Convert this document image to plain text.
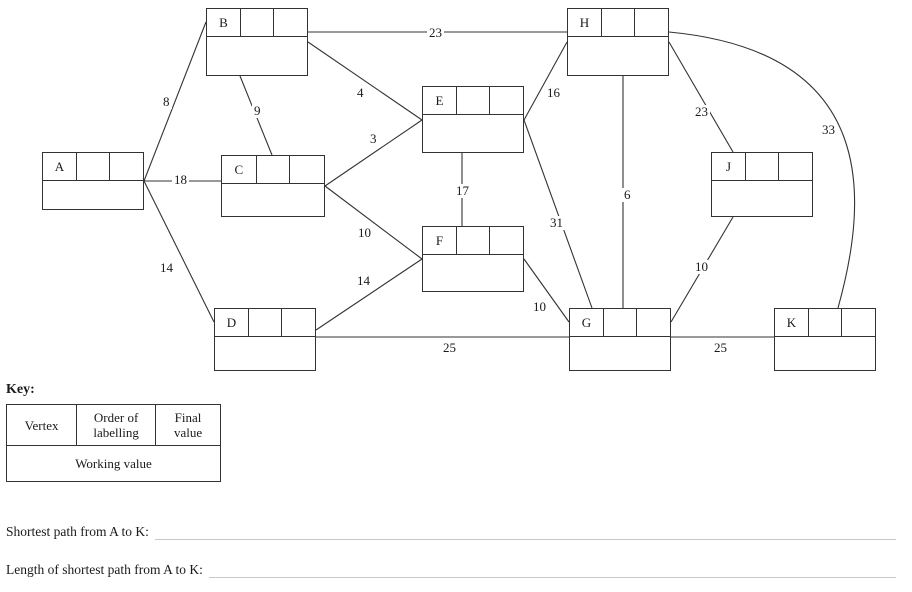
A
B
C
D
E
F
G
H
J
K
8
18
14
9
4
23
3
10
14
25
16
17
31
10
6
23
33
10
25
Key:
Vertex	Order of labelling	Final value
Working value
Shortest path from A to K:
Length of shortest path from A to K:
